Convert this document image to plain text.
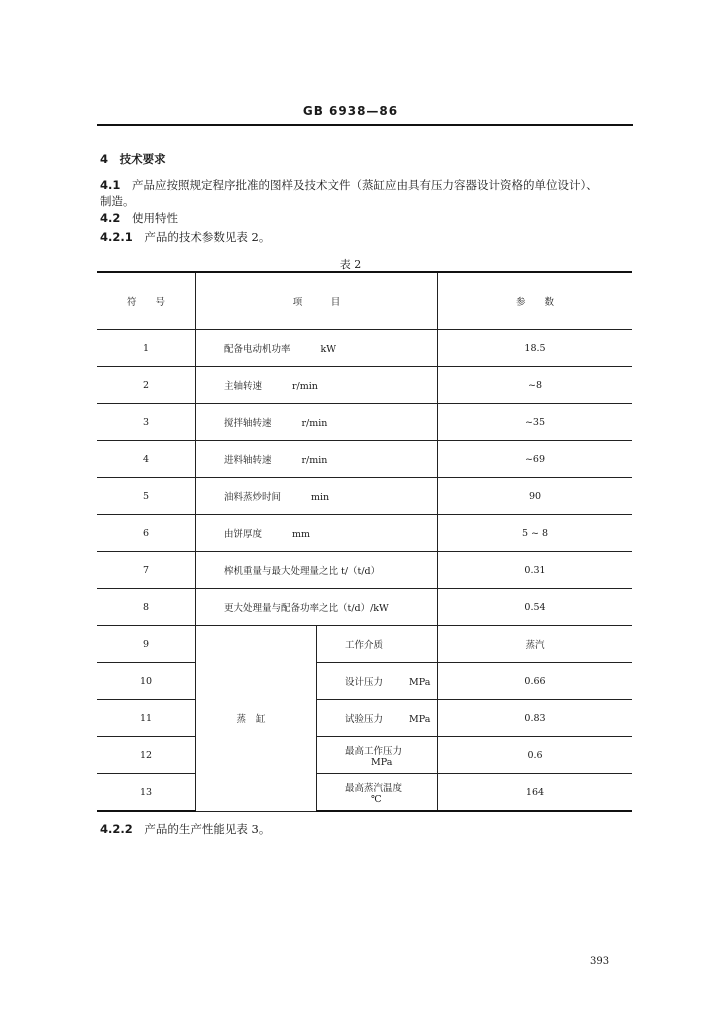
GB 6938—86
4 技术要求
4.1 产品应按照规定程序批准的图样及技术文件（蒸缸应由具有压力容器设计资格的单位设计）、
制造。
4.2 使用特性
4.2.1 产品的技术参数见表 2。
表 2
符　　号	项　　　目		参　　数
1	配备电动机功率 kW		18.5
2	主轴转速 r/min		~8
3	搅拌轴转速 r/min		~35
4	进料轴转速 r/min		~69
5	油料蒸炒时间 min		90
6	由饼厚度 mm		5 ~ 8
7	榨机重量与最大处理量之比 t/（t/d）		0.31
8	更大处理量与配备功率之比（t/d）/kW		0.54
9	蒸缸	工作介质	蒸汽
10		设计压力 MPa	0.66
11		试验压力 MPa	0.83
12		最高工作压力MPa	0.6
13		最高蒸汽温度℃	164
4.2.2 产品的生产性能见表 3。
393
